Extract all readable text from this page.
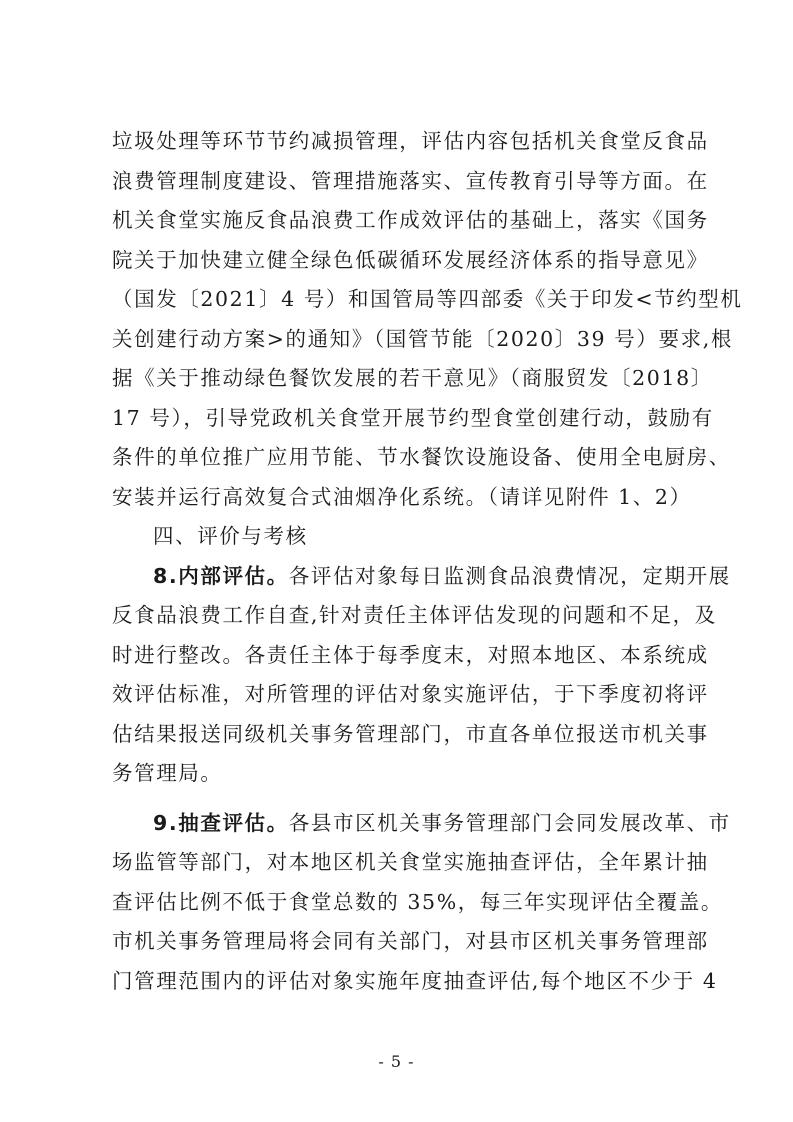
垃圾处理等环节节约减损管理，评估内容包括机关食堂反食品
浪费管理制度建设、管理措施落实、宣传教育引导等方面。在
机关食堂实施反食品浪费工作成效评估的基础上，落实《国务
院关于加快建立健全绿色低碳循环发展经济体系的指导意见》
（国发〔2021〕4 号）和国管局等四部委《关于印发<节约型机
关创建行动方案>的通知》（国管节能〔2020〕39 号）要求,根
据《关于推动绿色餐饮发展的若干意见》（商服贸发〔2018〕
17 号），引导党政机关食堂开展节约型食堂创建行动，鼓励有
条件的单位推广应用节能、节水餐饮设施设备、使用全电厨房、
安装并运行高效复合式油烟净化系统。（请详见附件 1、2）

四、评价与考核

8.内部评估。各评估对象每日监测食品浪费情况，定期开展

反食品浪费工作自查,针对责任主体评估发现的问题和不足，及
时进行整改。各责任主体于每季度末，对照本地区、本系统成
效评估标准，对所管理的评估对象实施评估，于下季度初将评
估结果报送同级机关事务管理部门，市直各单位报送市机关事
务管理局。

9.抽查评估。各县市区机关事务管理部门会同发展改革、市

场监管等部门，对本地区机关食堂实施抽查评估，全年累计抽
查评估比例不低于食堂总数的 35%，每三年实现评估全覆盖。
市机关事务管理局将会同有关部门，对县市区机关事务管理部
门管理范围内的评估对象实施年度抽查评估,每个地区不少于 4

- 5 -
